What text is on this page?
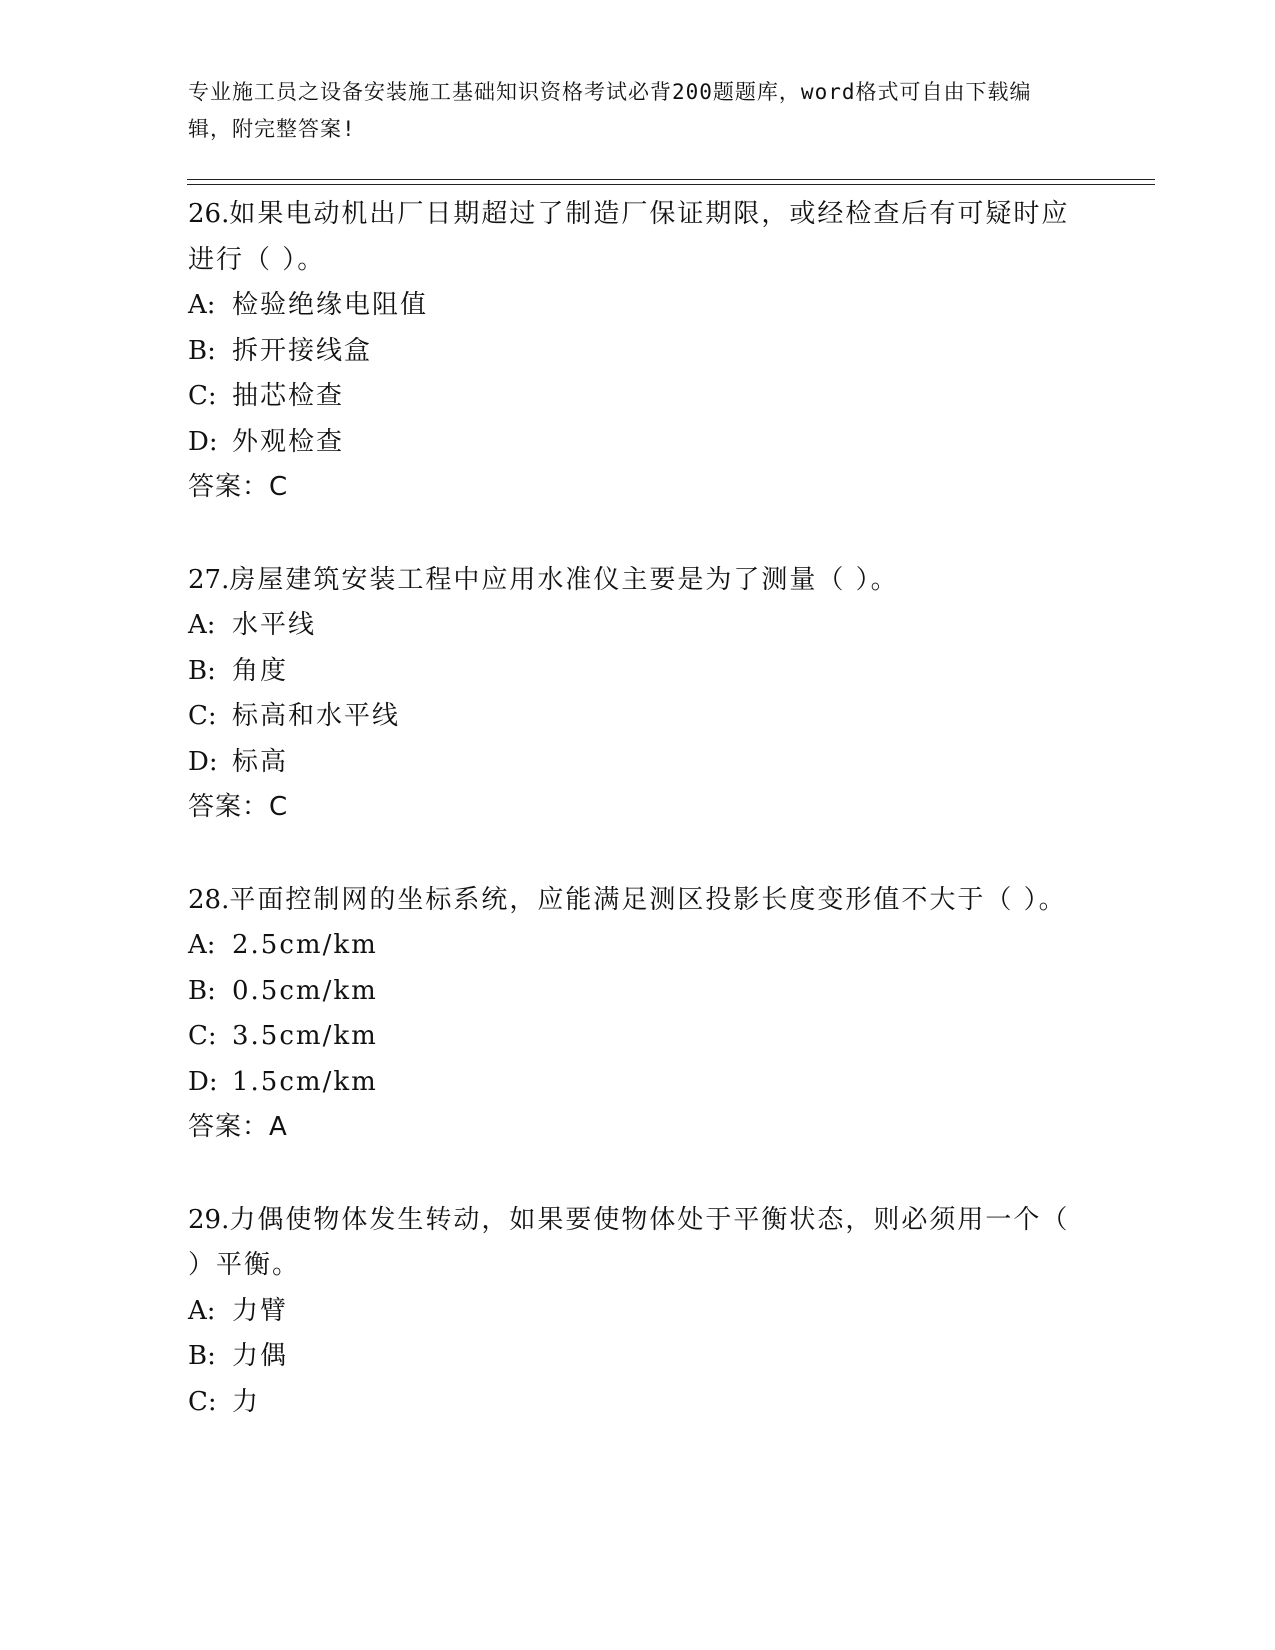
专业施工员之设备安装施工基础知识资格考试必背200题题库，word格式可自由下载编辑，附完整答案!
26.如果电动机出厂日期超过了制造厂保证期限，或经检查后有可疑时应进行（ ）。
A: 检验绝缘电阻值
B: 拆开接线盒
C: 抽芯检查
D: 外观检查
答案：C
27.房屋建筑安装工程中应用水准仪主要是为了测量（ ）。
A: 水平线
B: 角度
C: 标高和水平线
D: 标高
答案：C
28.平面控制网的坐标系统，应能满足测区投影长度变形值不大于（ ）。
A: 2.5cm/km
B: 0.5cm/km
C: 3.5cm/km
D: 1.5cm/km
答案：A
29.力偶使物体发生转动，如果要使物体处于平衡状态，则必须用一个（ ）平衡。
A: 力臂
B: 力偶
C: 力
